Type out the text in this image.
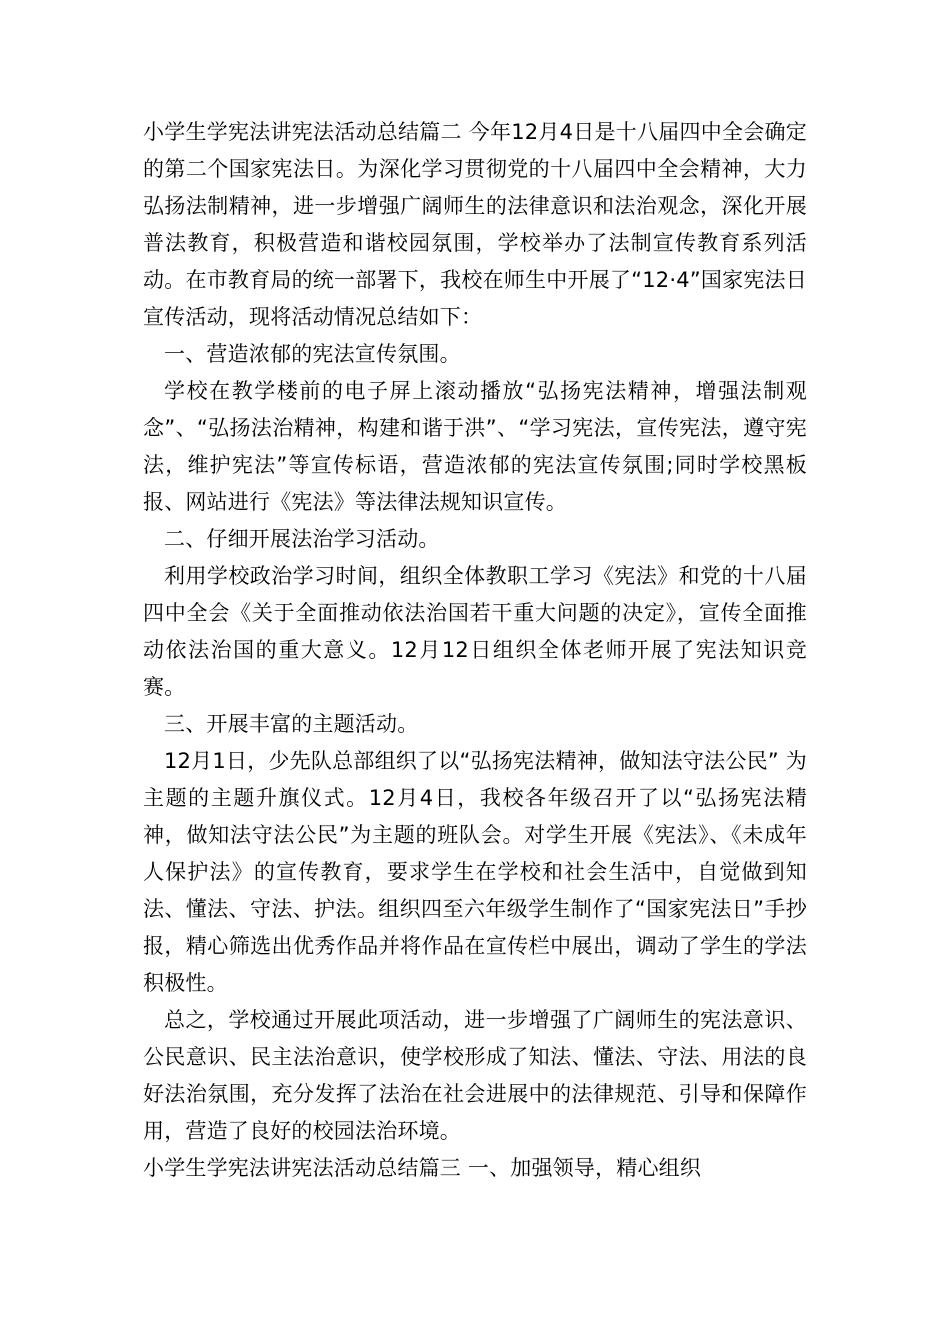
小学生学宪法讲宪法活动总结篇二 今年12月4日是十八届四中全会确定的第二个国家宪法日。为深化学习贯彻党的十八届四中全会精神，大力弘扬法制精神，进一步增强广阔师生的法律意识和法治观念，深化开展普法教育，积极营造和谐校园氛围，学校举办了法制宣传教育系列活动。在市教育局的统一部署下，我校在师生中开展了“12·4”国家宪法日宣传活动，现将活动情况总结如下：

一、营造浓郁的宪法宣传氛围。

学校在教学楼前的电子屏上滚动播放“弘扬宪法精神，增强法制观念”、“弘扬法治精神，构建和谐于洪”、“学习宪法，宣传宪法，遵守宪法，维护宪法”等宣传标语，营造浓郁的宪法宣传氛围;同时学校黑板报、网站进行《宪法》等法律法规知识宣传。

二、仔细开展法治学习活动。

利用学校政治学习时间，组织全体教职工学习《宪法》和党的十八届四中全会《关于全面推动依法治国若干重大问题的决定》，宣传全面推动依法治国的重大意义。12月12日组织全体老师开展了宪法知识竞赛。

三、开展丰富的主题活动。

12月1日，少先队总部组织了以“弘扬宪法精神，做知法守法公民” 为主题的主题升旗仪式。12月4日，我校各年级召开了以“弘扬宪法精神，做知法守法公民”为主题的班队会。对学生开展《宪法》、《未成年人保护法》的宣传教育，要求学生在学校和社会生活中，自觉做到知法、懂法、守法、护法。组织四至六年级学生制作了“国家宪法日”手抄报，精心筛选出优秀作品并将作品在宣传栏中展出，调动了学生的学法积极性。

总之，学校通过开展此项活动，进一步增强了广阔师生的宪法意识、公民意识、民主法治意识，使学校形成了知法、懂法、守法、用法的良好法治氛围，充分发挥了法治在社会进展中的法律规范、引导和保障作用，营造了良好的校园法治环境。

小学生学宪法讲宪法活动总结篇三 一、加强领导，精心组织
